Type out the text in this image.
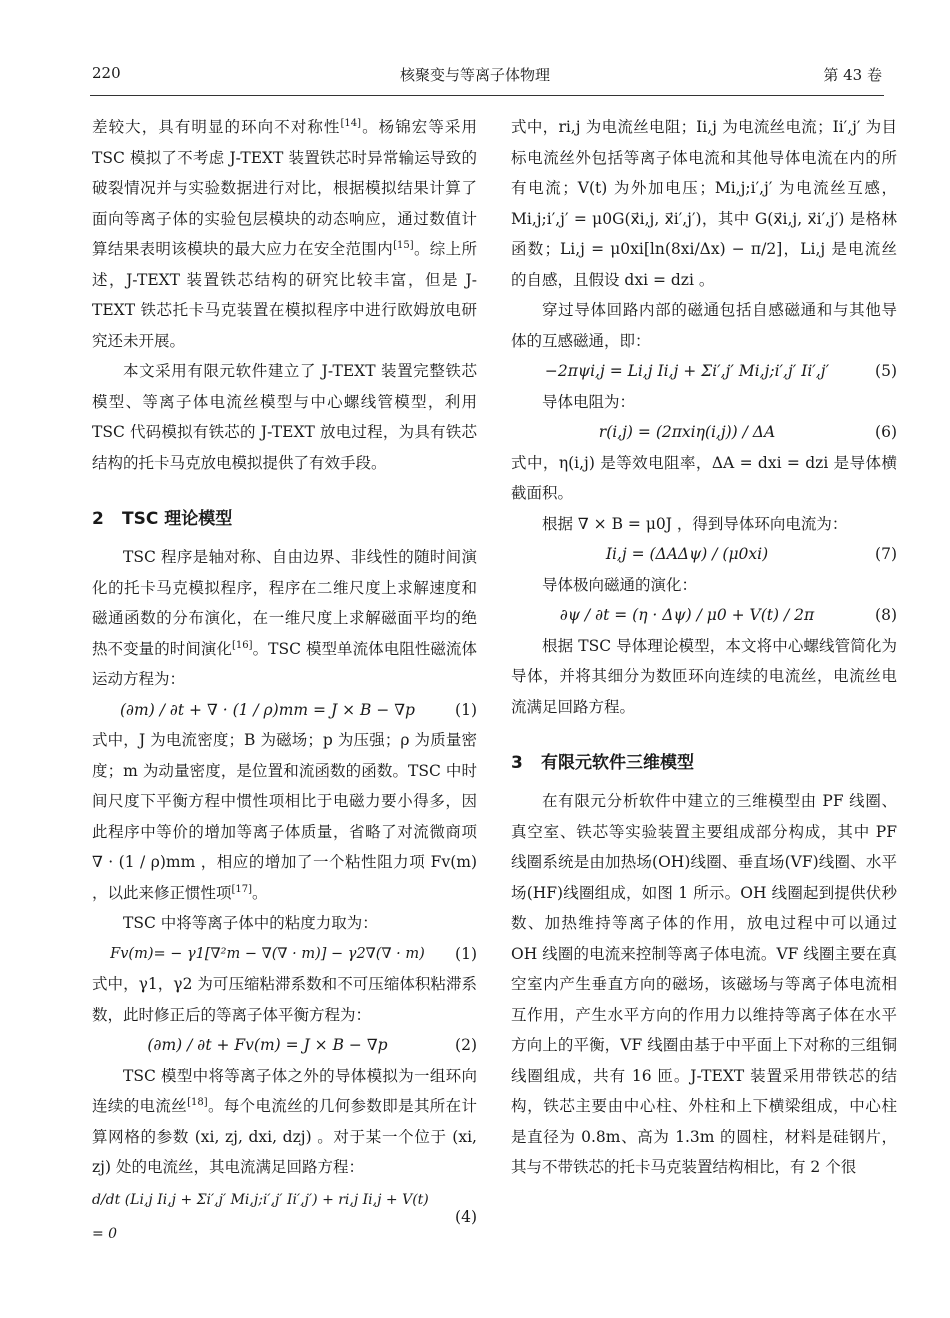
220	核聚变与等离子体物理	第 43 卷

差较大，具有明显的环向不对称性[14]。杨锦宏等采用 TSC 模拟了不考虑 J-TEXT 装置铁芯时异常输运导致的破裂情况并与实验数据进行对比，根据模拟结果计算了面向等离子体的实验包层模块的动态响应，通过数值计算结果表明该模块的最大应力在安全范围内[15]。综上所述，J-TEXT 装置铁芯结构的研究比较丰富，但是 J-TEXT 铁芯托卡马克装置在模拟程序中进行欧姆放电研究还未开展。

本文采用有限元软件建立了 J-TEXT 装置完整铁芯模型、等离子体电流丝模型与中心螺线管模型，利用 TSC 代码模拟有铁芯的 J-TEXT 放电过程，为具有铁芯结构的托卡马克放电模拟提供了有效手段。

2 TSC 理论模型

TSC 程序是轴对称、自由边界、非线性的随时间演化的托卡马克模拟程序，程序在二维尺度上求解速度和磁通函数的分布演化，在一维尺度上求解磁面平均的绝热不变量的时间演化[16]。TSC 模型单流体电阻性磁流体运动方程为：

(∂m) / ∂t + ∇ · (1 / ρ)mm = J × B − ∇p	(1)

式中，J 为电流密度；B 为磁场；p 为压强；ρ 为质量密度；m 为动量密度，是位置和流函数的函数。TSC 中时间尺度下平衡方程中惯性项相比于电磁力要小得多，因此程序中等价的增加等离子体质量，省略了对流微商项 ∇ · (1 / ρ)mm ，相应的增加了一个粘性阻力项 Fv(m) ，以此来修正惯性项[17]。

TSC 中将等离子体中的粘度力取为：

Fv(m)= − γ1[∇²m − ∇(∇ · m)] − γ2∇(∇ · m)	(1)

式中，γ1，γ2 为可压缩粘滞系数和不可压缩体积粘滞系数，此时修正后的等离子体平衡方程为：

(∂m) / ∂t + Fv(m) = J × B − ∇p	(2)

TSC 模型中将等离子体之外的导体模拟为一组环向连续的电流丝[18]。每个电流丝的几何参数即是其所在计算网格的参数 (xi, zj, dxi, dzj) 。对于某一个位于 (xi, zj) 处的电流丝，其电流满足回路方程：

d/dt (Li,j Ii,j + Σi′,j′ Mi,j;i′,j′ Ii′,j′) + ri,j Ii,j + V(t) = 0
(4)

式中，ri,j 为电流丝电阻；Ii,j 为电流丝电流；Ii′,j′ 为目标电流丝外包括等离子体电流和其他导体电流在内的所有电流；V(t) 为外加电压；Mi,j;i′,j′ 为电流丝互感，Mi,j;i′,j′ = μ0G(x⃗i,j, x⃗i′,j′)，其中 G(x⃗i,j, x⃗i′,j′) 是格林函数；Li,j = μ0xi[ln(8xi/Δx) − π/2]，Li,j 是电流丝的自感，且假设 dxi = dzi 。

穿过导体回路内部的磁通包括自感磁通和与其他导体的互感磁通，即：

−2πψi,j = Li,j Ii,j + Σi′,j′ Mi,j;i′,j′ Ii′,j′	(5)

导体电阻为：

r(i,j) = (2πxiη(i,j)) / ΔA	(6)

式中，η(i,j) 是等效电阻率，ΔA = dxi = dzi 是导体横截面积。

根据 ∇ × B = μ0J ，得到导体环向电流为：

Ii,j = (ΔAΔψ) / (μ0xi)	(7)

导体极向磁通的演化：

∂ψ / ∂t = (η · Δψ) / μ0 + V(t) / 2π	(8)

根据 TSC 导体理论模型，本文将中心螺线管简化为导体，并将其细分为数匝环向连续的电流丝，电流丝电流满足回路方程。

3 有限元软件三维模型

在有限元分析软件中建立的三维模型由 PF 线圈、真空室、铁芯等实验装置主要组成部分构成，其中 PF 线圈系统是由加热场(OH)线圈、垂直场(VF)线圈、水平场(HF)线圈组成，如图 1 所示。OH 线圈起到提供伏秒数、加热维持等离子体的作用，放电过程中可以通过 OH 线圈的电流来控制等离子体电流。VF 线圈主要在真空室内产生垂直方向的磁场，该磁场与等离子体电流相互作用，产生水平方向的作用力以维持等离子体在水平方向上的平衡，VF 线圈由基于中平面上下对称的三组铜线圈组成，共有 16 匝。J-TEXT 装置采用带铁芯的结构，铁芯主要由中心柱、外柱和上下横梁组成，中心柱是直径为 0.8m、高为 1.3m 的圆柱，材料是硅钢片，其与不带铁芯的托卡马克装置结构相比，有 2 个很
